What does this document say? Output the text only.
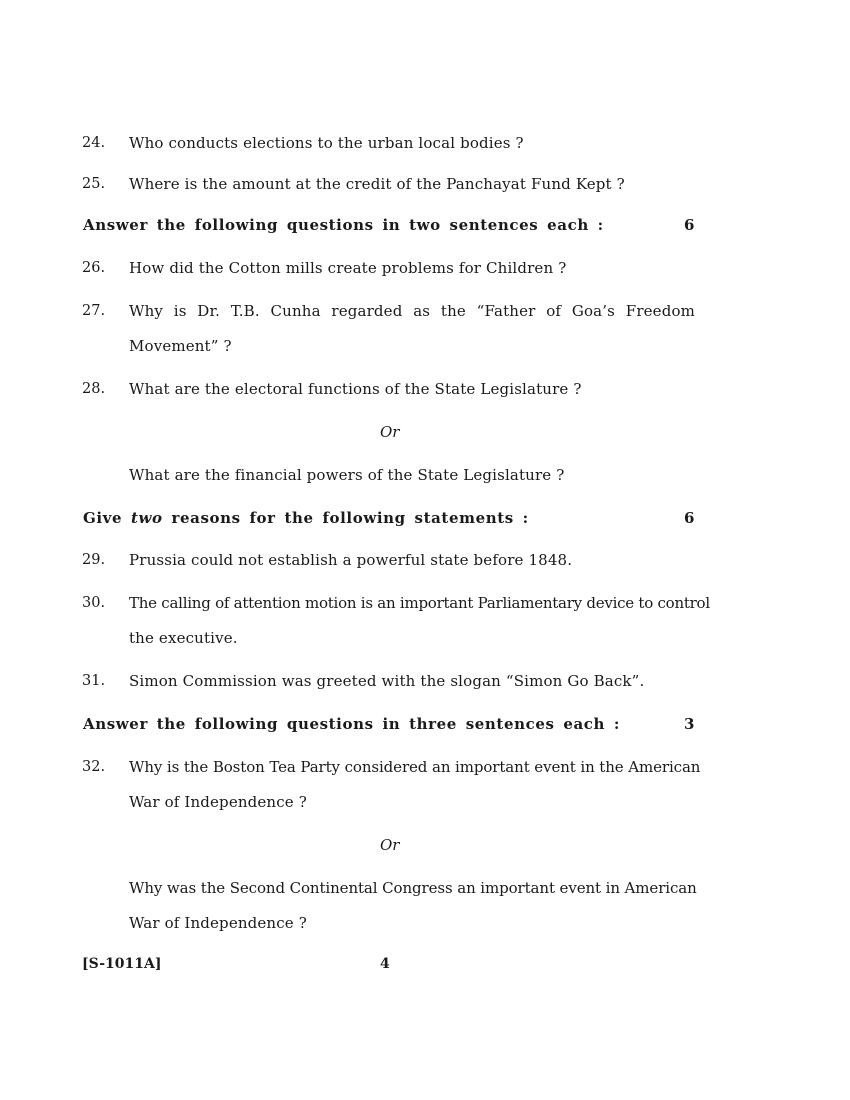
24. Who conducts elections to the urban local bodies ?
25. Where is the amount at the credit of the Panchayat Fund Kept ?
Answer the following questions in two sentences each :	6
26. How did the Cotton mills create problems for Children ?
27. Why is Dr. T.B. Cunha regarded as the “Father of Goa’s Freedom
Movement” ?
28. What are the electoral functions of the State Legislature ?
Or
What are the financial powers of the State Legislature ?
Give two reasons for the following statements :	6
29. Prussia could not establish a powerful state before 1848.
30. The calling of attention motion is an important Parliamentary device to control
the executive.
31. Simon Commission was greeted with the slogan “Simon Go Back”.
Answer the following questions in three sentences each :	3
32. Why is the Boston Tea Party considered an important event in the American
War of Independence ?
Or
Why was the Second Continental Congress an important event in American
War of Independence ?
[S-1011A]	4
